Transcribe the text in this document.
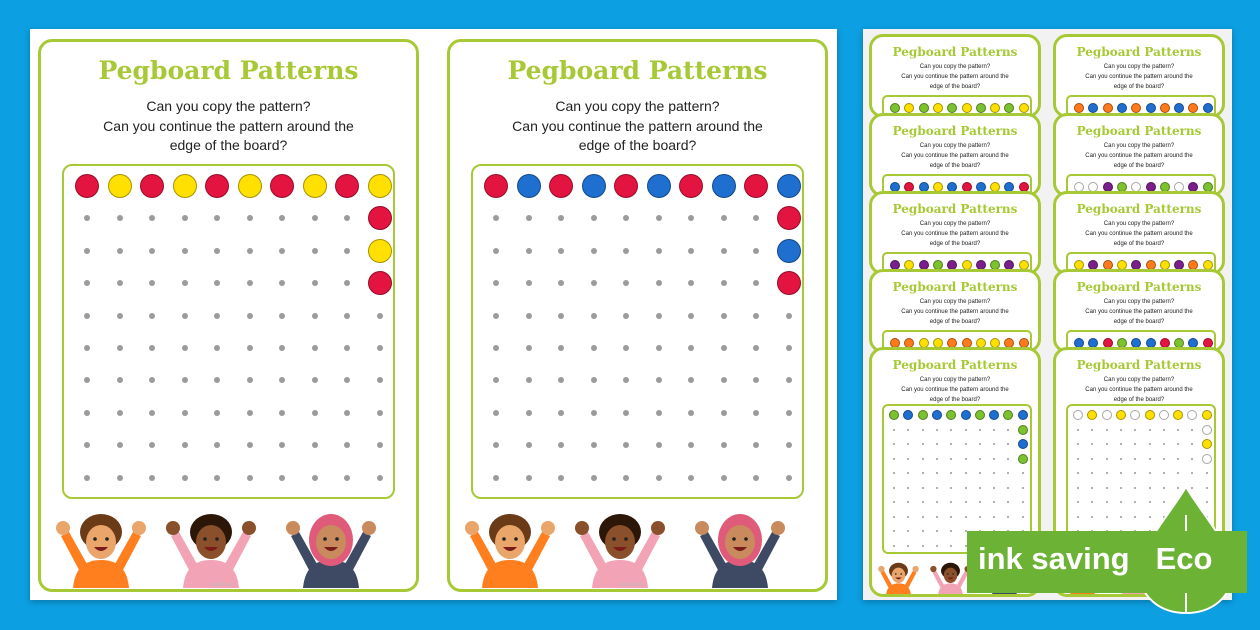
Pegboard Patterns
Can you copy the pattern?
Can you continue the pattern around the
edge of the board?
twinkl.com
Pegboard Patterns
Can you copy the pattern?
Can you continue the pattern around the
edge of the board?
twinkl.com
Pegboard Patterns
Can you copy the pattern?
Can you continue the pattern around the
edge of the board?
Pegboard Patterns
Can you copy the pattern?
Can you continue the pattern around the
edge of the board?
Pegboard Patterns
Can you copy the pattern?
Can you continue the pattern around the
edge of the board?
Pegboard Patterns
Can you copy the pattern?
Can you continue the pattern around the
edge of the board?
Pegboard Patterns
Can you copy the pattern?
Can you continue the pattern around the
edge of the board?
Pegboard Patterns
Can you copy the pattern?
Can you continue the pattern around the
edge of the board?
Pegboard Patterns
Can you copy the pattern?
Can you continue the pattern around the
edge of the board?
Pegboard Patterns
Can you copy the pattern?
Can you continue the pattern around the
edge of the board?
Pegboard Patterns
Can you copy the pattern?
Can you continue the pattern around the
edge of the board?
Pegboard Patterns
Can you copy the pattern?
Can you continue the pattern around the
edge of the board?
ink saving Eco
